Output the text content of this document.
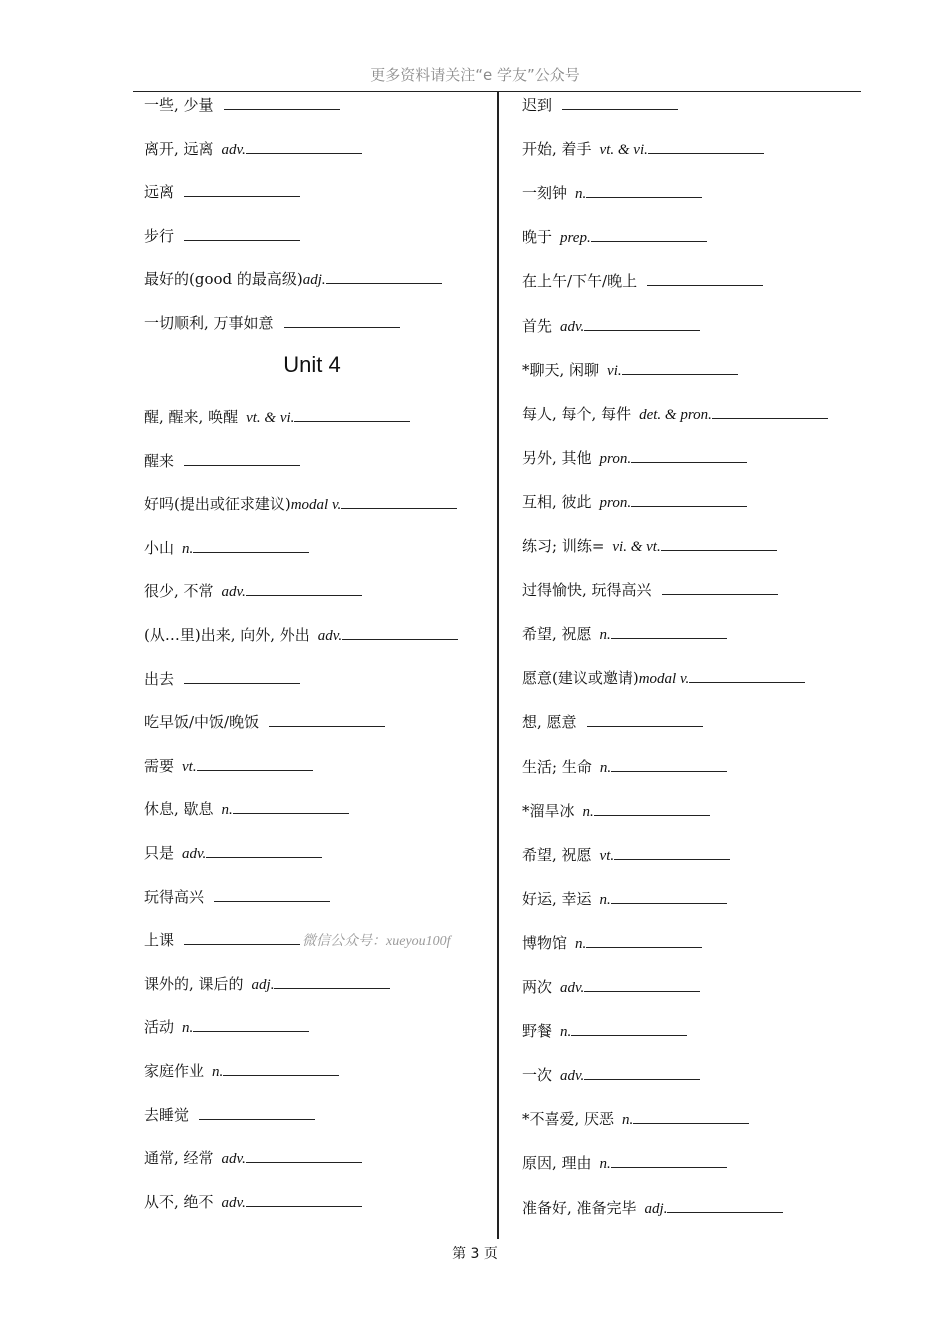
更多资料请关注“e 学友”公众号
一些, 少量
离开, 远离 adv.
远离
步行
最好的(good 的最高级)adj.
一切顺利, 万事如意
醒, 醒来, 唤醒 vt. & vi.
醒来
好吗(提出或征求建议)modal v.
小山 n.
很少, 不常 adv.
(从…里)出来, 向外, 外出 adv.
出去
吃早饭/中饭/晚饭
需要 vt.
休息, 歇息 n.
只是 adv.
玩得高兴
上课	微信公众号：xueyou100f
课外的, 课后的 adj.
活动 n.
家庭作业 n.
去睡觉
通常, 经常 adv.
从不, 绝不 adv.
Unit 4
迟到
开始, 着手 vt. & vi.
一刻钟 n.
晚于 prep.
在上午/下午/晚上
首先 adv.
*聊天, 闲聊 vi.
每人, 每个, 每件 det. & pron.
另外, 其他 pron.
互相, 彼此 pron.
练习; 训练= vi. & vt.
过得愉快, 玩得高兴
希望, 祝愿 n.
愿意(建议或邀请)modal v.
想, 愿意
生活; 生命 n.
*溜旱冰 n.
希望, 祝愿 vt.
好运, 幸运 n.
博物馆 n.
两次 adv.
野餐 n.
一次 adv.
*不喜爱, 厌恶 n.
原因, 理由 n.
准备好, 准备完毕 adj.
第 3 页
